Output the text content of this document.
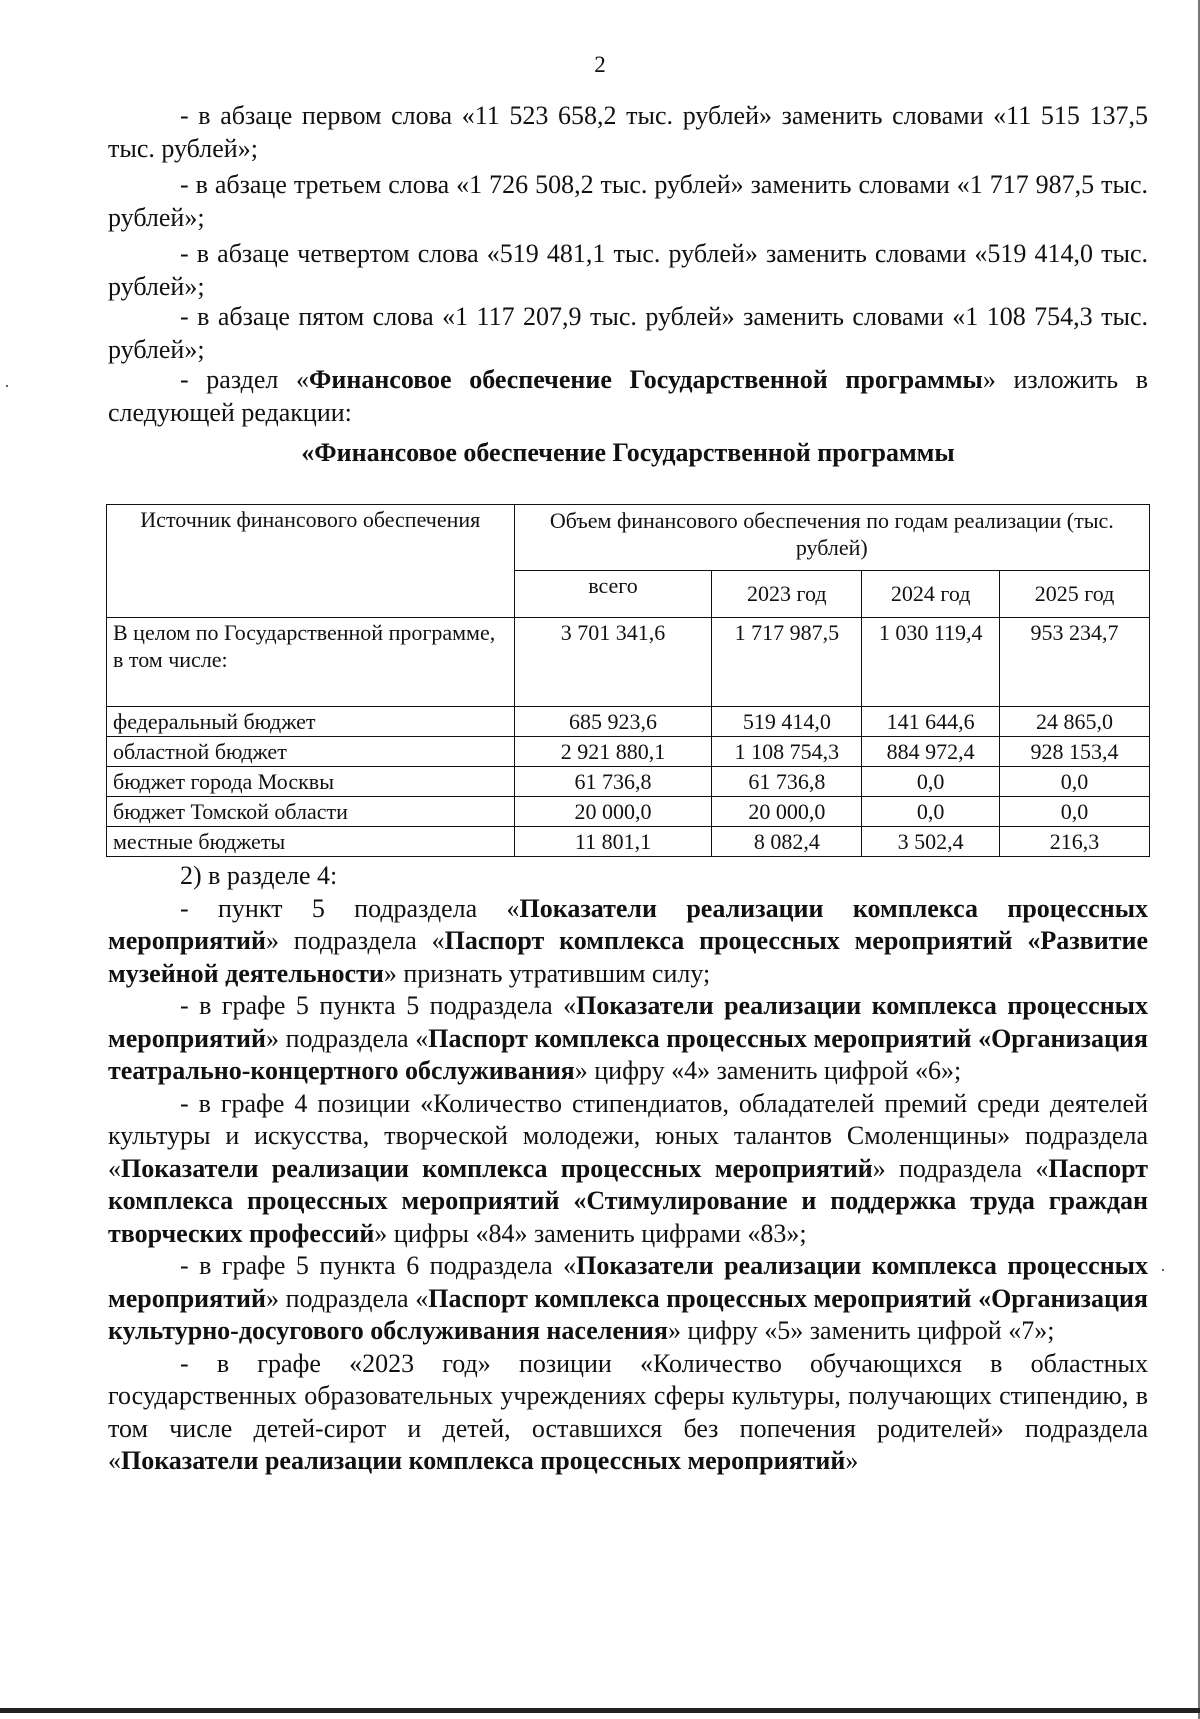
·
·
2

- в абзаце первом слова «11 523 658,2 тыс. рублей» заменить словами «11 515 137,5 тыс. рублей»;

- в абзаце третьем слова «1 726 508,2 тыс. рублей» заменить словами «1 717 987,5 тыс. рублей»;

- в абзаце четвертом слова «519 481,1 тыс. рублей» заменить словами «519 414,0 тыс. рублей»;

- в абзаце пятом слова «1 117 207,9 тыс. рублей» заменить словами «1 108 754,3 тыс. рублей»;

- раздел «Финансовое обеспечение Государственной программы» изложить в следующей редакции:

«Финансовое обеспечение Государственной программы

Источник финансового обеспечения	Объем финансового обеспечения по годам реализации (тыс. рублей)			
	всего	2023 год	2024 год	2025 год
В целом по Государственной программе, в том числе:	3 701 341,6	1 717 987,5	1 030 119,4	953 234,7
федеральный бюджет	685 923,6	519 414,0	141 644,6	24 865,0
областной бюджет	2 921 880,1	1 108 754,3	884 972,4	928 153,4
бюджет города Москвы	61 736,8	61 736,8	0,0	0,0
бюджет Томской области	20 000,0	20 000,0	0,0	0,0
местные бюджеты	11 801,1	8 082,4	3 502,4	216,3

2) в разделе 4:

- пункт 5 подраздела «Показатели реализации комплекса процессных мероприятий» подраздела «Паспорт комплекса процессных мероприятий «Развитие музейной деятельности» признать утратившим силу;

- в графе 5 пункта 5 подраздела «Показатели реализации комплекса процессных мероприятий» подраздела «Паспорт комплекса процессных мероприятий «Организация театрально-концертного обслуживания» цифру «4» заменить цифрой «6»;

- в графе 4 позиции «Количество стипендиатов, обладателей премий среди деятелей культуры и искусства, творческой молодежи, юных талантов Смоленщины» подраздела «Показатели реализации комплекса процессных мероприятий» подраздела «Паспорт комплекса процессных мероприятий «Стимулирование и поддержка труда граждан творческих профессий» цифры «84» заменить цифрами «83»;

- в графе 5 пункта 6 подраздела «Показатели реализации комплекса процессных мероприятий» подраздела «Паспорт комплекса процессных мероприятий «Организация культурно-досугового обслуживания населения» цифру «5» заменить цифрой «7»;

- в графе «2023 год» позиции «Количество обучающихся в областных государственных образовательных учреждениях сферы культуры, получающих стипендию, в том числе детей-сирот и детей, оставшихся без попечения родителей» подраздела «Показатели реализации комплекса процессных мероприятий»
